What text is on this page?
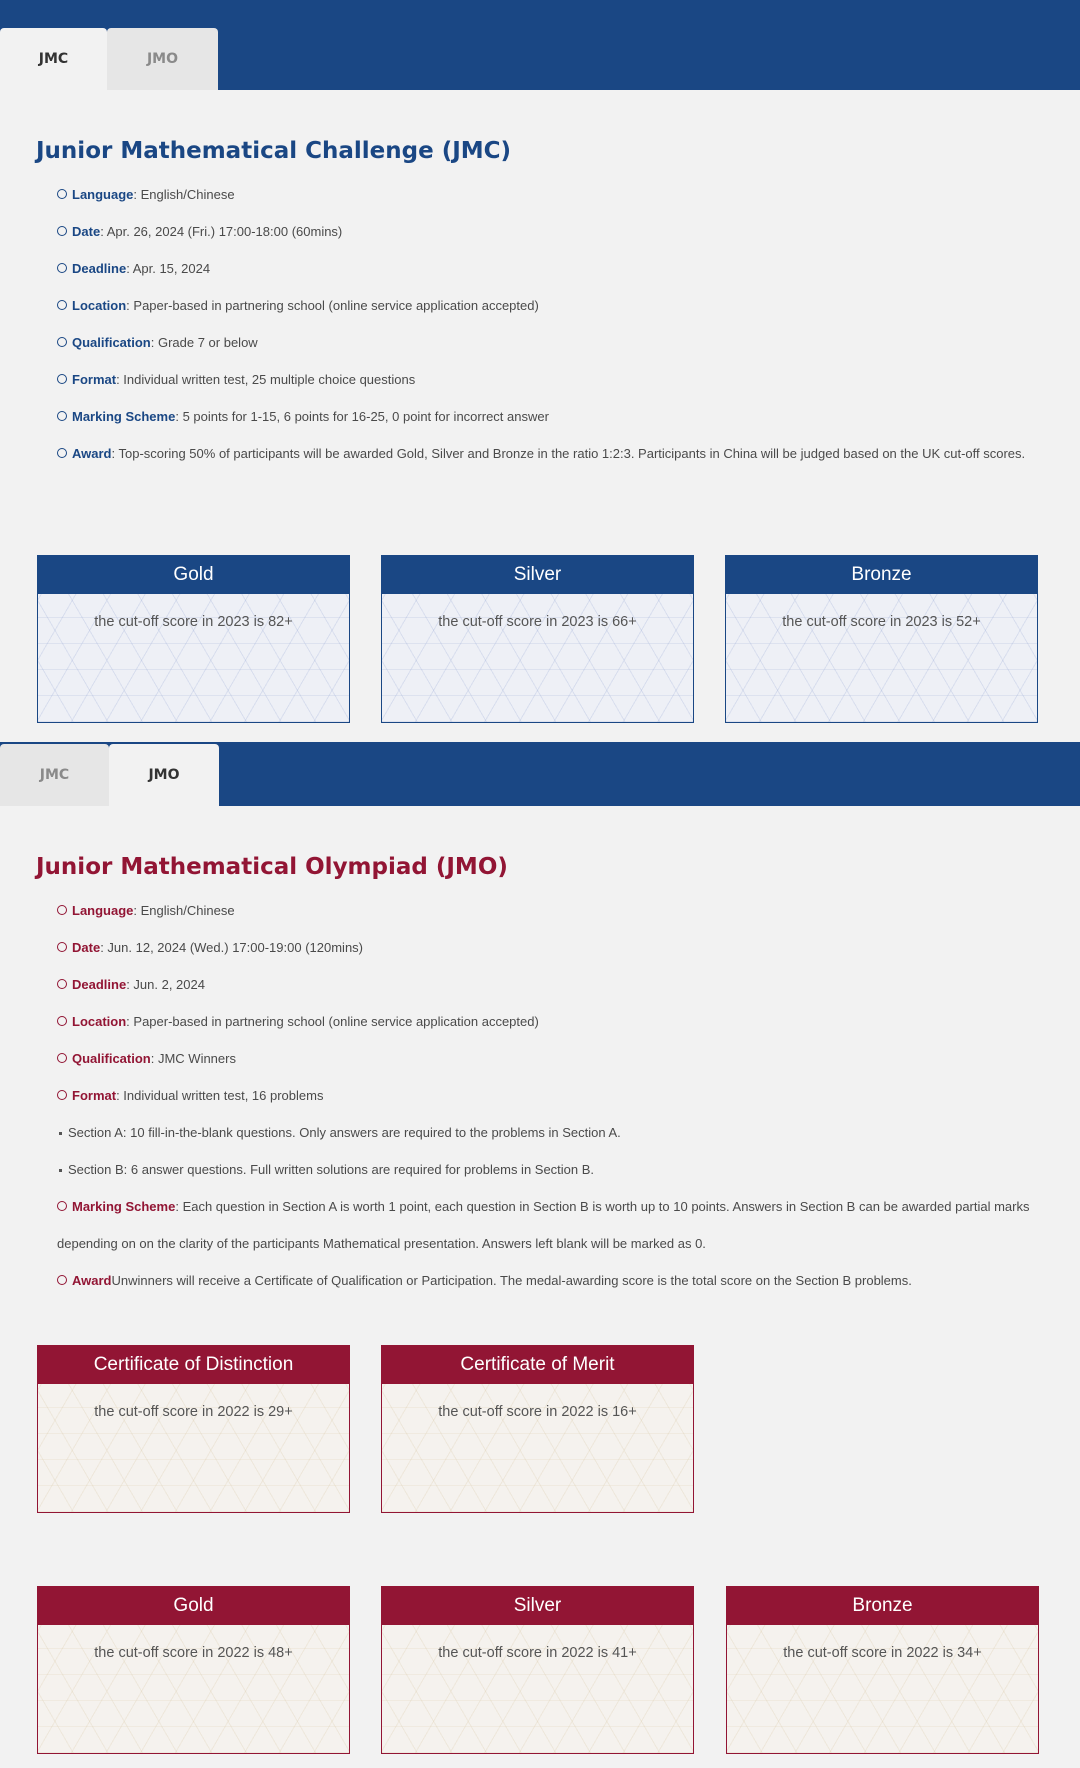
JMC	JMO
Junior Mathematical Challenge (JMC)
Language: English/Chinese
Date: Apr. 26, 2024 (Fri.) 17:00-18:00 (60mins)
Deadline: Apr. 15, 2024
Location: Paper-based in partnering school (online service application accepted)
Qualification: Grade 7 or below
Format: Individual written test, 25 multiple choice questions
Marking Scheme: 5 points for 1-15, 6 points for 16-25, 0 point for incorrect answer
Award: Top-scoring 50% of participants will be awarded Gold, Silver and Bronze in the ratio 1:2:3. Participants in China will be judged based on the UK cut-off scores.
Gold
the cut-off score in 2023 is 82+
Silver
the cut-off score in 2023 is 66+
Bronze
the cut-off score in 2023 is 52+
JMC	JMO
Junior Mathematical Olympiad (JMO)
Language: English/Chinese
Date: Jun. 12, 2024 (Wed.) 17:00-19:00 (120mins)
Deadline: Jun. 2, 2024
Location: Paper-based in partnering school (online service application accepted)
Qualification: JMC Winners
Format: Individual written test, 16 problems
Section A: 10 fill-in-the-blank questions. Only answers are required to the problems in Section A.
Section B: 6 answer questions. Full written solutions are required for problems in Section B.
Marking Scheme: Each question in Section A is worth 1 point, each question in Section B is worth up to 10 points. Answers in Section B can be awarded partial marks depending on on the clarity of the participants Mathematical presentation. Answers left blank will be marked as 0.
AwardUnwinners will receive a Certificate of Qualification or Participation. The medal-awarding score is the total score on the Section B problems.
Certificate of Distinction
the cut-off score in 2022 is 29+
Certificate of Merit
the cut-off score in 2022 is 16+
Gold
the cut-off score in 2022 is 48+
Silver
the cut-off score in 2022 is 41+
Bronze
the cut-off score in 2022 is 34+
